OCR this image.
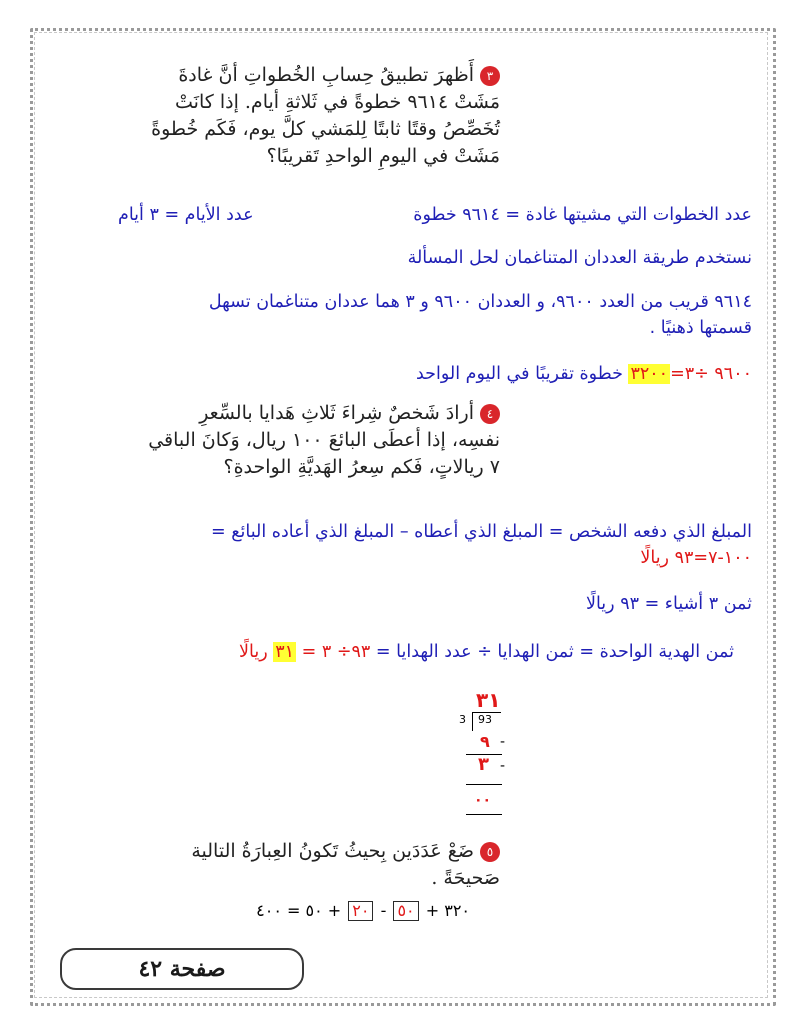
٣أَظهرَ تطبيقُ حِسابِ الخُطواتِ أنَّ غادةَ
مَشَتْ ٩٦١٤ خطوةً في ثَلاثةِ أيام. إذا كانَتْ
تُخَصِّصُ وقتًا ثابتًا لِلمَشي كلَّ يوم، فَكَم خُطوةً
مَشَتْ في اليومِ الواحدِ تَقريبًا؟
عدد الخطوات التي مشيتها غادة = ٩٦١٤ خطوة
عدد الأيام = ٣ أيام
نستخدم طريقة العددان المتناغمان لحل المسألة
٩٦١٤ قريب من العدد ٩٦٠٠، و العددان ٩٦٠٠ و ٣ هما عددان متناغمان تسهل
قسمتها ذهنيًا .
٩٦٠٠ ÷٣=٣٢٠٠ خطوة تقريبًا في اليوم الواحد
٤أرادَ شَخصٌ شِراءَ ثَلاثِ هَدايا بالسِّعرِ
نفسِه، إذا أعطَى البائعَ ١٠٠ ريال، وَكانَ الباقي
٧ ريالاتٍ، فَكم سِعرُ الهَديَّةِ الواحدةِ؟
المبلغ الذي دفعه الشخص = المبلغ الذي أعطاه – المبلغ الذي أعاده البائع =
١٠٠-٧=٩٣ ريالًا
ثمن ٣ أشياء = ٩٣ ريالًا
ثمن الهدية الواحدة = ثمن الهدايا ÷ عدد الهدايا = ٩٣÷ ٣ = ٣١ ريالًا
٣١
3 93
٩ -
٣ -
٠٠
٥ضَعْ عَدَدَين بِحيثُ تَكونُ العِبارَةُ التالية
صَحيحَةً .
٣٢٠ + ٥٠ - ٢٠ + ٥٠ = ٤٠٠
صفحة ٤٢
